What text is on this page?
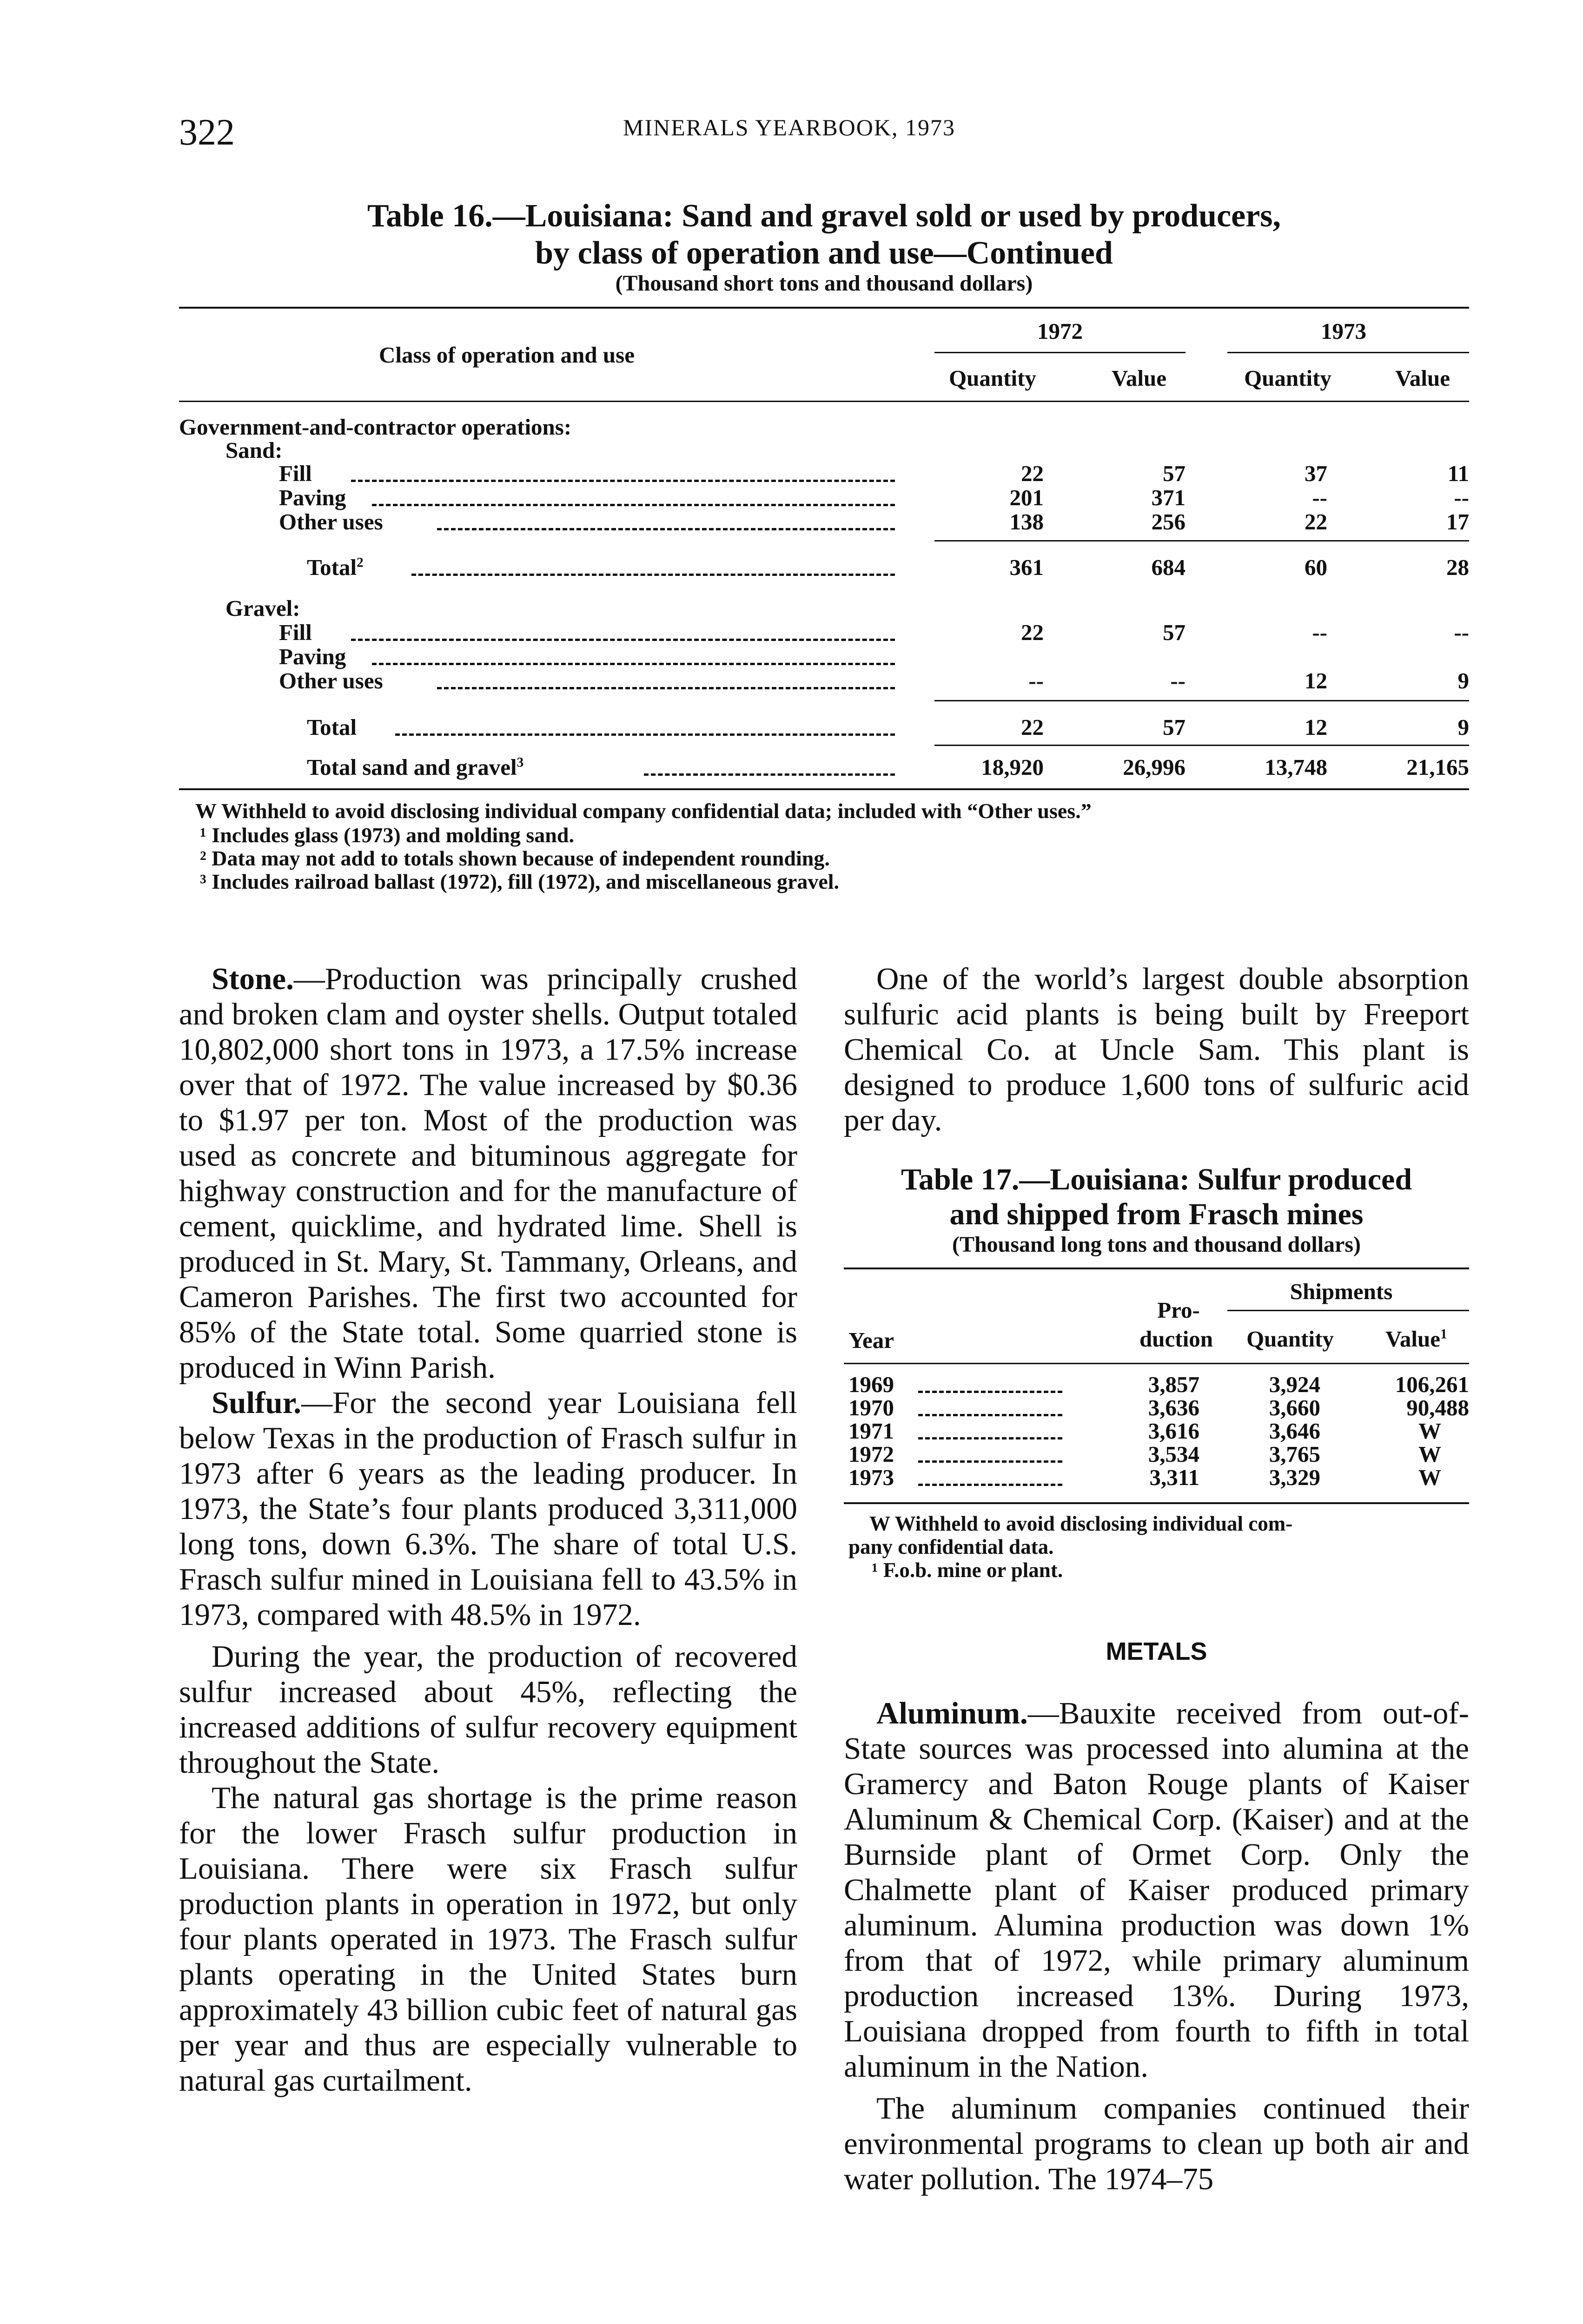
322	MINERALS YEARBOOK, 1973
Table 16.—Louisiana: Sand and gravel sold or used by producers,
by class of operation and use—Continued
(Thousand short tons and thousand dollars)
Class of operation and use
1972	1973
Quantity	Value	Quantity	Value
Government-and-contractor operations:
Sand:
Fill	22	57	37	11
Paving	201	371	--	--
Other uses	138	256	22	17
Total$^2$	361	684	60	28
Gravel:
Fill	22	57	--	--
Paving
Other uses	--	--	12	9
Total	22	57	12	9
Total sand and gravel$^3$	18,920	26,996	13,748	21,165
W Withheld to avoid disclosing individual company confidential data; included with “Other uses.”
¹ Includes glass (1973) and molding sand.
² Data may not add to totals shown because of independent rounding.
³ Includes railroad ballast (1972), fill (1972), and miscellaneous gravel.
Stone.—Production was principally crushed and broken clam and oyster shells. Output totaled 10,802,000 short tons in 1973, a 17.5% increase over that of 1972. The value increased by $0.36 to $1.97 per ton. Most of the production was used as concrete and bituminous aggregate for highway construction and for the manufacture of cement, quicklime, and hydrated lime. Shell is produced in St. Mary, St. Tammany, Orleans, and Cameron Parishes. The first two accounted for 85% of the State total. Some quarried stone is produced in Winn Parish.
Sulfur.—For the second year Louisiana fell below Texas in the production of Frasch sulfur in 1973 after 6 years as the leading producer. In 1973, the State’s four plants produced 3,311,000 long tons, down 6.3%. The share of total U.S. Frasch sulfur mined in Louisiana fell to 43.5% in 1973, compared with 48.5% in 1972.
During the year, the production of recovered sulfur increased about 45%, reflecting the increased additions of sulfur recovery equipment throughout the State.
The natural gas shortage is the prime reason for the lower Frasch sulfur production in Louisiana. There were six Frasch sulfur production plants in operation in 1972, but only four plants operated in 1973. The Frasch sulfur plants operating in the United States burn approximately 43 billion cubic feet of natural gas per year and thus are especially vulnerable to natural gas curtailment.
One of the world’s largest double absorption sulfuric acid plants is being built by Freeport Chemical Co. at Uncle Sam. This plant is designed to produce 1,600 tons of sulfuric acid per day.
Table 17.—Louisiana: Sulfur produced
and shipped from Frasch mines
(Thousand long tons and thousand dollars)
Shipments
Pro-
Year	duction	Quantity	Value$^1$
1969	3,857	3,924	106,261
1970	3,636	3,660	90,488
1971	3,616	3,646	W
1972	3,534	3,765	W
1973	3,311	3,329	W
W Withheld to avoid disclosing individual com-
pany confidential data.
¹ F.o.b. mine or plant.
METALS
Aluminum.—Bauxite received from out-of-State sources was processed into alumina at the Gramercy and Baton Rouge plants of Kaiser Aluminum & Chemical Corp. (Kaiser) and at the Burnside plant of Ormet Corp. Only the Chalmette plant of Kaiser produced primary aluminum. Alumina production was down 1% from that of 1972, while primary aluminum production increased 13%. During 1973, Louisiana dropped from fourth to fifth in total aluminum in the Nation.
The aluminum companies continued their environmental programs to clean up both air and water pollution. The 1974–75
